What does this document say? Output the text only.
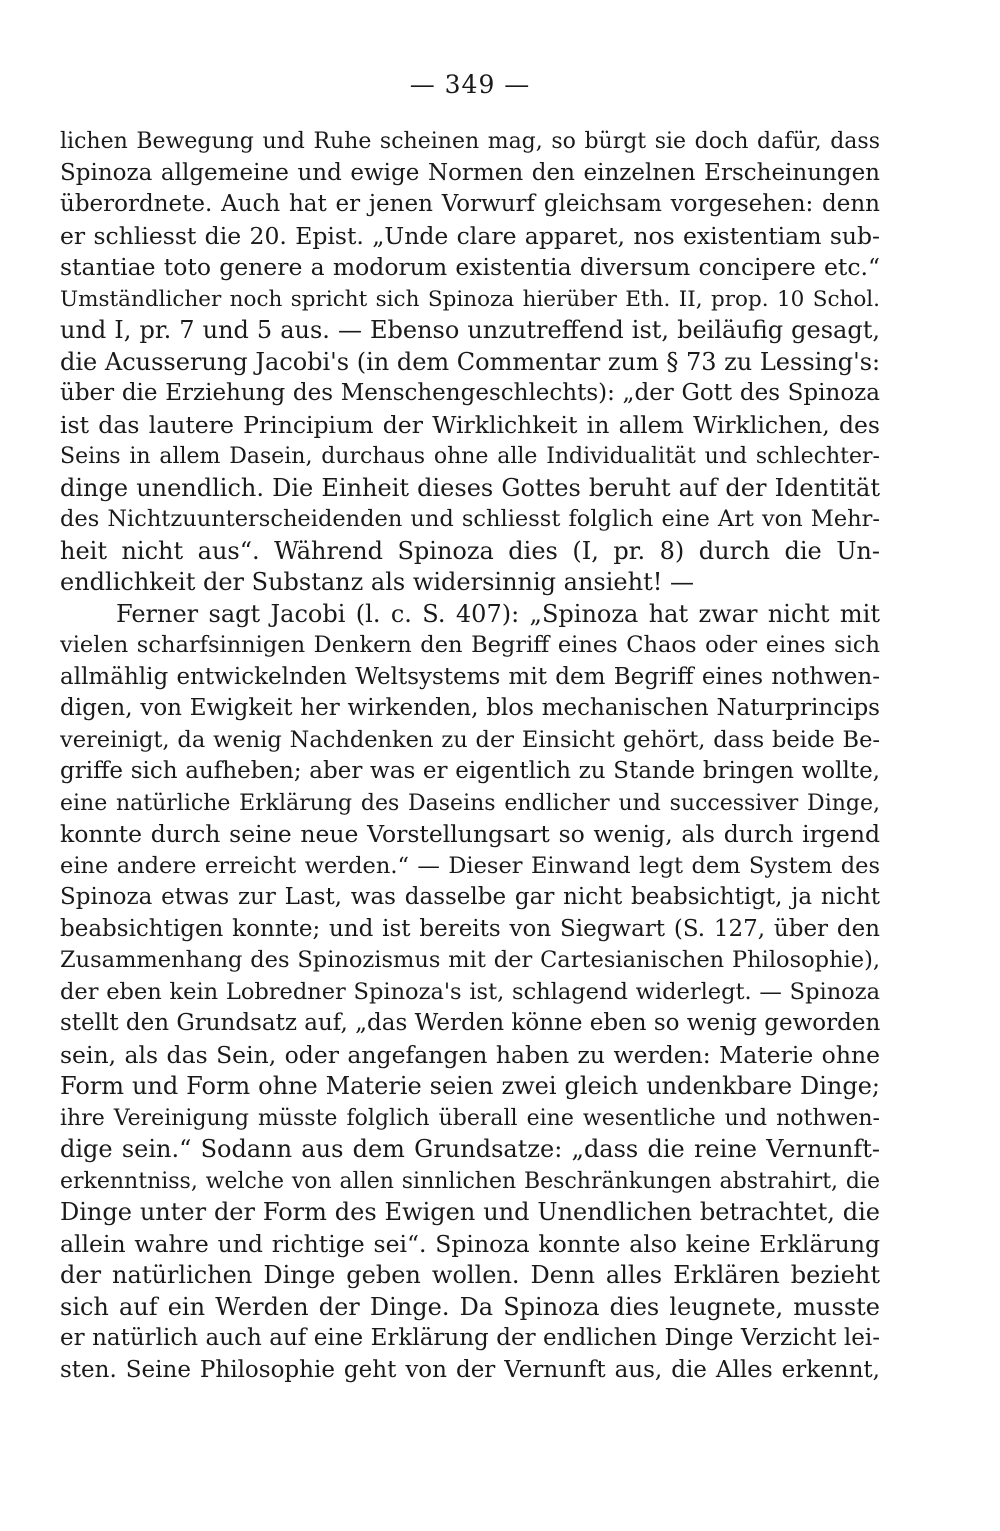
— 349 —
lichen Bewegung und Ruhe scheinen mag, so bürgt sie doch dafür, dass
Spinoza allgemeine und ewige Normen den einzelnen Erscheinungen
überordnete. Auch hat er jenen Vorwurf gleichsam vorgesehen: denn
er schliesst die 20. Epist. „Unde clare apparet, nos existentiam sub-
stantiae toto genere a modorum existentia diversum concipere etc.“
Umständlicher noch spricht sich Spinoza hierüber Eth. II, prop. 10 Schol.
und I, pr. 7 und 5 aus. — Ebenso unzutreffend ist, beiläufig gesagt,
die Acusserung Jacobi's (in dem Commentar zum § 73 zu Lessing's:
über die Erziehung des Menschengeschlechts): „der Gott des Spinoza
ist das lautere Principium der Wirklichkeit in allem Wirklichen, des
Seins in allem Dasein, durchaus ohne alle Individualität und schlechter-
dinge unendlich. Die Einheit dieses Gottes beruht auf der Identität
des Nichtzuunterscheidenden und schliesst folglich eine Art von Mehr-
heit nicht aus“. Während Spinoza dies (I, pr. 8) durch die Un-
endlichkeit der Substanz als widersinnig ansieht! —
Ferner sagt Jacobi (l. c. S. 407): „Spinoza hat zwar nicht mit
vielen scharfsinnigen Denkern den Begriff eines Chaos oder eines sich
allmählig entwickelnden Weltsystems mit dem Begriff eines nothwen-
digen, von Ewigkeit her wirkenden, blos mechanischen Naturprincips
vereinigt, da wenig Nachdenken zu der Einsicht gehört, dass beide Be-
griffe sich aufheben; aber was er eigentlich zu Stande bringen wollte,
eine natürliche Erklärung des Daseins endlicher und successiver Dinge,
konnte durch seine neue Vorstellungsart so wenig, als durch irgend
eine andere erreicht werden.“ — Dieser Einwand legt dem System des
Spinoza etwas zur Last, was dasselbe gar nicht beabsichtigt, ja nicht
beabsichtigen konnte; und ist bereits von Siegwart (S. 127, über den
Zusammenhang des Spinozismus mit der Cartesianischen Philosophie),
der eben kein Lobredner Spinoza's ist, schlagend widerlegt. — Spinoza
stellt den Grundsatz auf, „das Werden könne eben so wenig geworden
sein, als das Sein, oder angefangen haben zu werden: Materie ohne
Form und Form ohne Materie seien zwei gleich undenkbare Dinge;
ihre Vereinigung müsste folglich überall eine wesentliche und nothwen-
dige sein.“ Sodann aus dem Grundsatze: „dass die reine Vernunft-
erkenntniss, welche von allen sinnlichen Beschränkungen abstrahirt, die
Dinge unter der Form des Ewigen und Unendlichen betrachtet, die
allein wahre und richtige sei“. Spinoza konnte also keine Erklärung
der natürlichen Dinge geben wollen. Denn alles Erklären bezieht
sich auf ein Werden der Dinge. Da Spinoza dies leugnete, musste
er natürlich auch auf eine Erklärung der endlichen Dinge Verzicht lei-
sten. Seine Philosophie geht von der Vernunft aus, die Alles erkennt,
